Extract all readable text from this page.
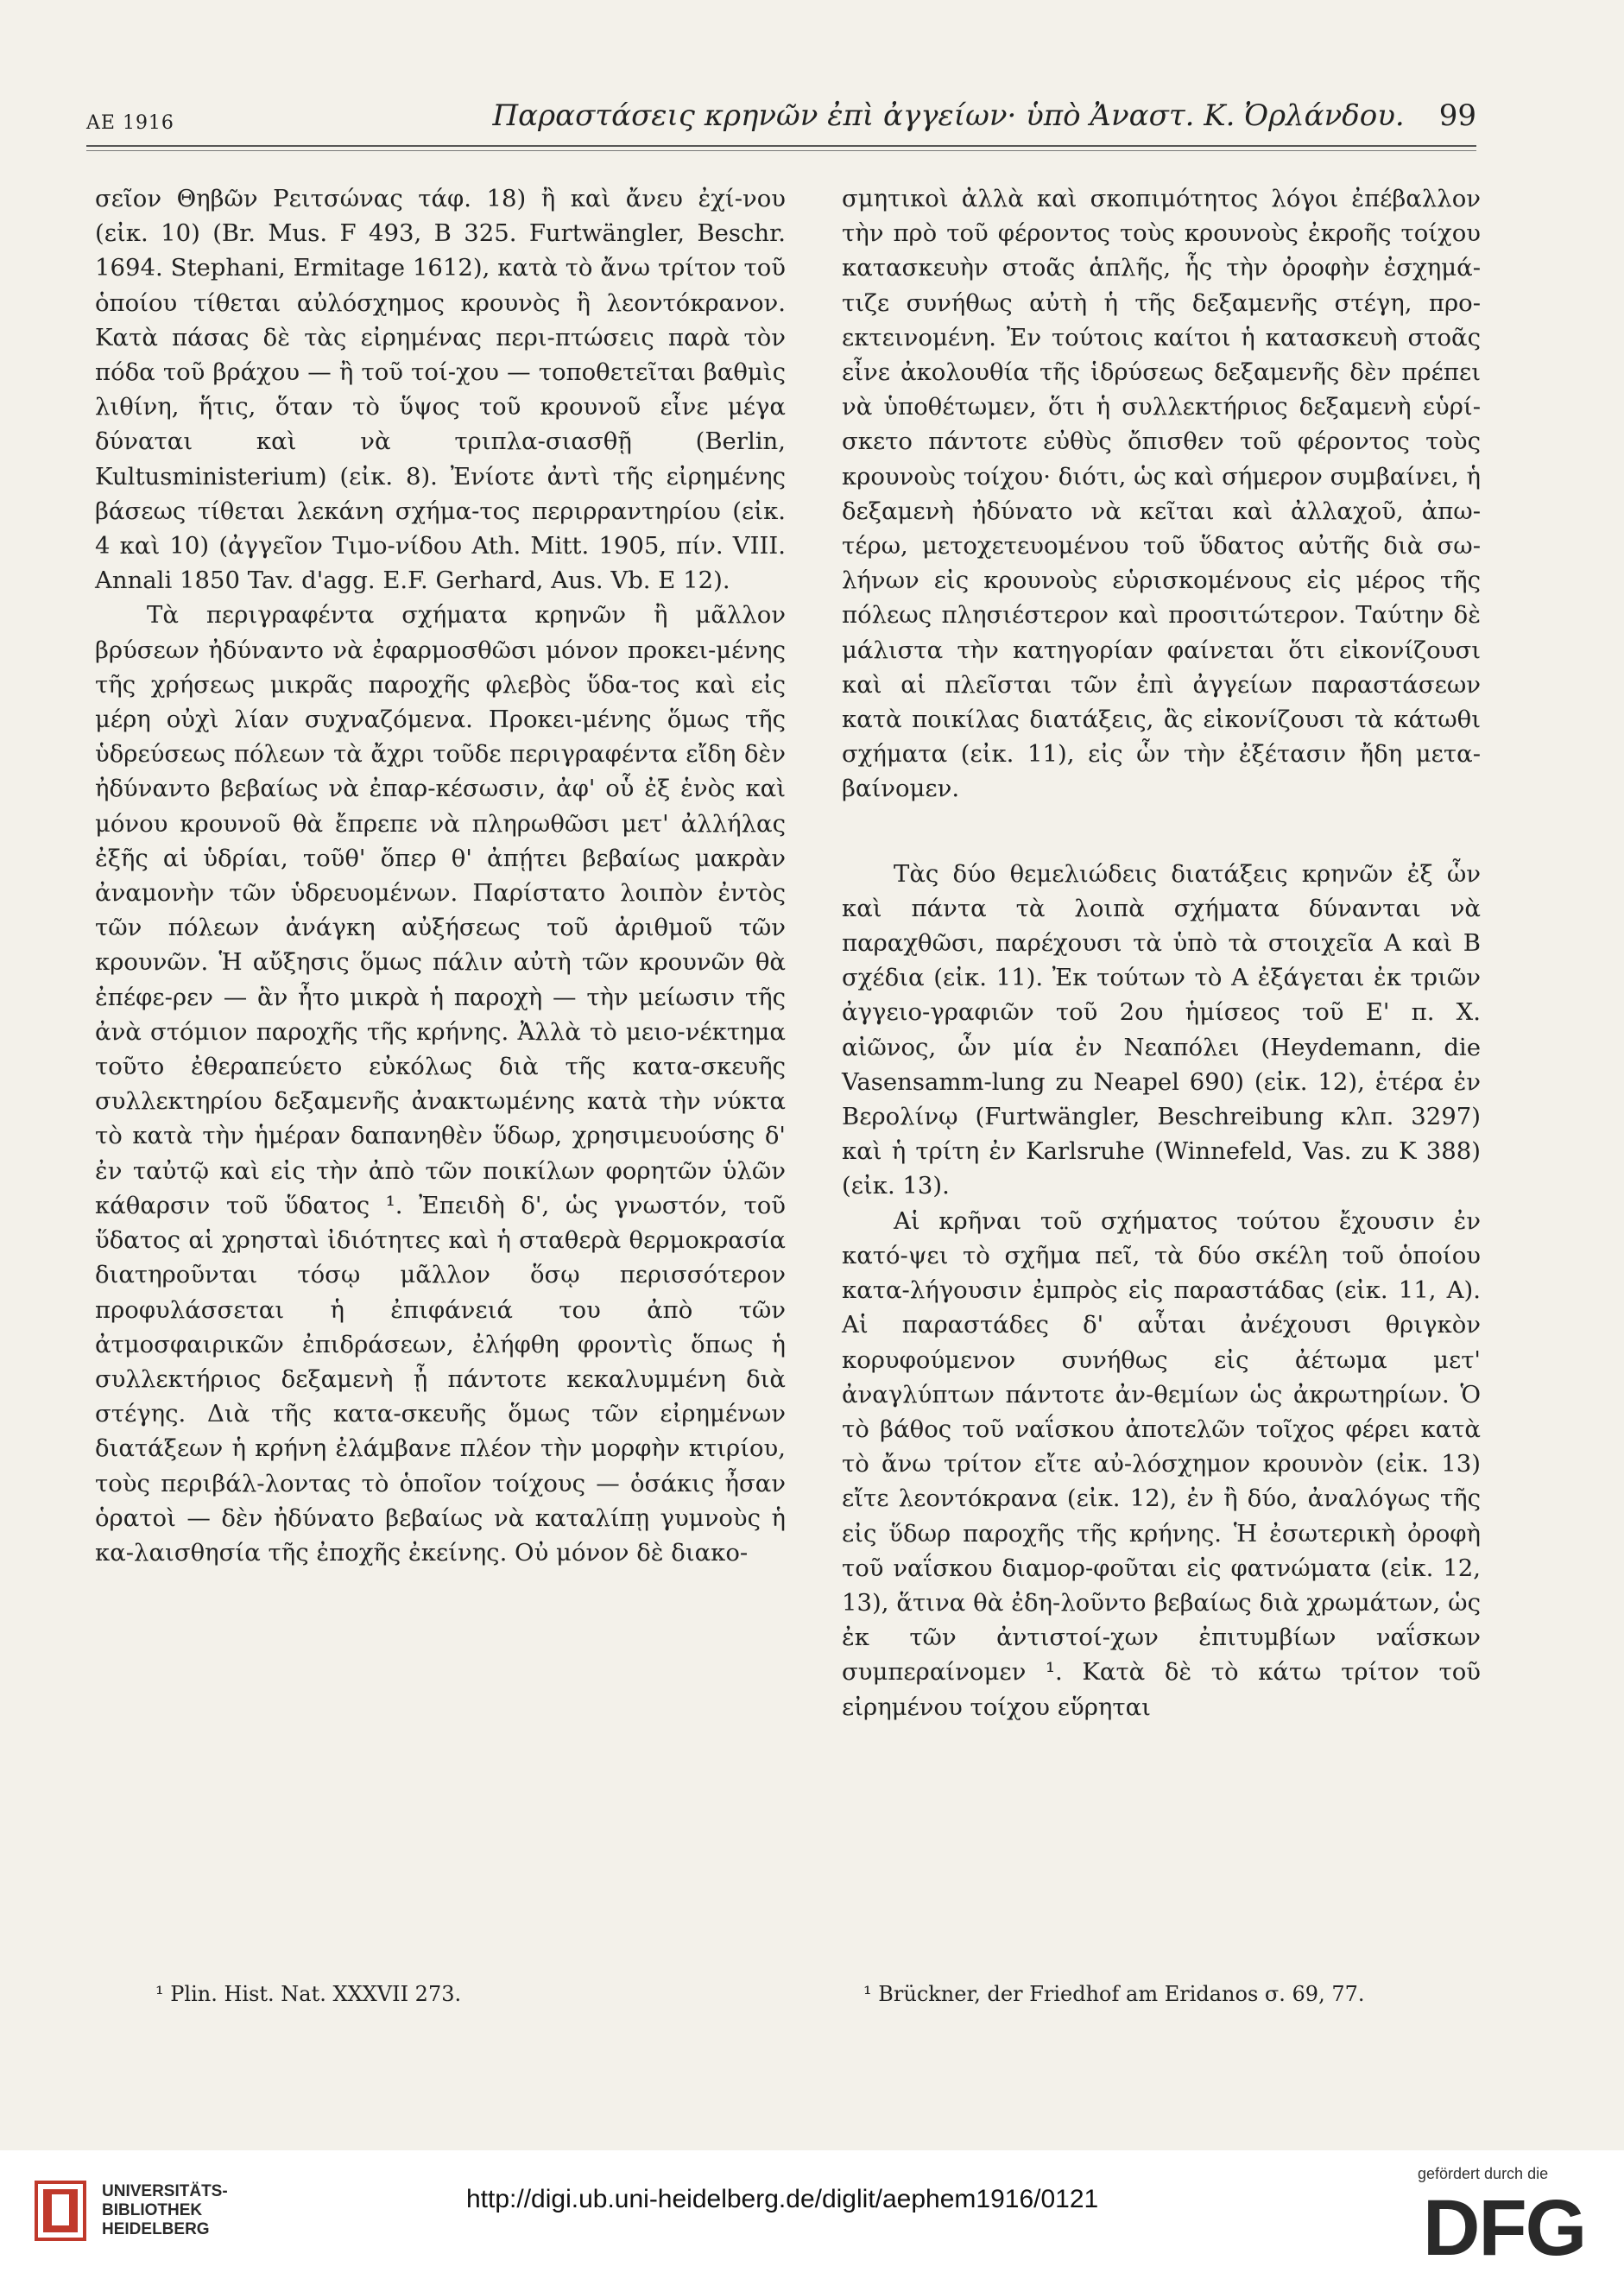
ΑΕ 1916	Παραστάσεις κρηνῶν ἐπὶ ἀγγείων· ὑπὸ Ἀναστ. Κ. Ὀρλάνδου. 99

σεῖον Θηβῶν Ρειτσώνας τάφ. 18) ἢ καὶ ἄνευ ἐχί-νου (εἰκ. 10) (Br. Mus. F 493, B 325. Furtwängler, Beschr. 1694. Stephani, Ermitage 1612), κατὰ τὸ ἄνω τρίτον τοῦ ὁποίου τίθεται αὐλόσχημος κρουνὸς ἢ λεοντόκρανον. Κατὰ πάσας δὲ τὰς εἰρημένας περι-πτώσεις παρὰ τὸν πόδα τοῦ βράχου — ἢ τοῦ τοί-χου — τοποθετεῖται βαθμὶς λιθίνη, ἥτις, ὅταν τὸ ὕψος τοῦ κρουνοῦ εἶνε μέγα δύναται καὶ νὰ τριπλα-σιασθῇ (Berlin, Kultusministerium) (εἰκ. 8). Ἐνίοτε ἀντὶ τῆς εἰρημένης βάσεως τίθεται λεκάνη σχήμα-τος περιρραντηρίου (εἰκ. 4 καὶ 10) (ἀγγεῖον Τιμο-νίδου Ath. Mitt. 1905, πίν. VIII. Annali 1850 Tav. d'agg. E.F. Gerhard, Aus. Vb. E 12).

Τὰ περιγραφέντα σχήματα κρηνῶν ἢ μᾶλλον βρύσεων ἠδύναντο νὰ ἐφαρμοσθῶσι μόνον προκει-μένης τῆς χρήσεως μικρᾶς παροχῆς φλεβὸς ὕδα-τος καὶ εἰς μέρη οὐχὶ λίαν συχναζόμενα. Προκει-μένης ὅμως τῆς ὑδρεύσεως πόλεων τὰ ἄχρι τοῦδε περιγραφέντα εἴδη δὲν ἠδύναντο βεβαίως νὰ ἐπαρ-κέσωσιν, ἀφ' οὗ ἐξ ἑνὸς καὶ μόνου κρουνοῦ θὰ ἔπρεπε νὰ πληρωθῶσι μετ' ἀλλήλας ἐξῆς αἱ ὑδρίαι, τοῦθ' ὅπερ θ' ἀπῄτει βεβαίως μακρὰν ἀναμονὴν τῶν ὑδρευομένων. Παρίστατο λοιπὸν ἐντὸς τῶν πόλεων ἀνάγκη αὐξήσεως τοῦ ἀριθμοῦ τῶν κρουνῶν. Ἡ αὔξησις ὅμως πάλιν αὐτὴ τῶν κρουνῶν θὰ ἐπέφε-ρεν — ἂν ἦτο μικρὰ ἡ παροχὴ — τὴν μείωσιν τῆς ἀνὰ στόμιον παροχῆς τῆς κρήνης. Ἀλλὰ τὸ μειο-νέκτημα τοῦτο ἐθεραπεύετο εὐκόλως διὰ τῆς κατα-σκευῆς συλλεκτηρίου δεξαμενῆς ἀνακτωμένης κατὰ τὴν νύκτα τὸ κατὰ τὴν ἡμέραν δαπανηθὲν ὕδωρ, χρησιμευούσης δ' ἐν ταὐτῷ καὶ εἰς τὴν ἀπὸ τῶν ποικίλων φορητῶν ὑλῶν κάθαρσιν τοῦ ὕδατος ¹. Ἐπειδὴ δ', ὡς γνωστόν, τοῦ ὕδατος αἱ χρησταὶ ἰδιότητες καὶ ἡ σταθερὰ θερμοκρασία διατηροῦνται τόσῳ μᾶλλον ὅσῳ περισσότερον προφυλάσσεται ἡ ἐπιφάνειά του ἀπὸ τῶν ἀτμοσφαιρικῶν ἐπιδράσεων, ἐλήφθη φροντὶς ὅπως ἡ συλλεκτήριος δεξαμενὴ ᾖ πάντοτε κεκαλυμμένη διὰ στέγης. Διὰ τῆς κατα-σκευῆς ὅμως τῶν εἰρημένων διατάξεων ἡ κρήνη ἐλάμβανε πλέον τὴν μορφὴν κτιρίου, τοὺς περιβάλ-λοντας τὸ ὁποῖον τοίχους — ὁσάκις ἦσαν ὁρατοὶ — δὲν ἠδύνατο βεβαίως νὰ καταλίπῃ γυμνοὺς ἡ κα-λαισθησία τῆς ἐποχῆς ἐκείνης. Οὐ μόνον δὲ διακο-

σμητικοὶ ἀλλὰ καὶ σκοπιμότητος λόγοι ἐπέβαλλον τὴν πρὸ τοῦ φέροντος τοὺς κρουνοὺς ἐκροῆς τοίχου κατασκευὴν στοᾶς ἁπλῆς, ἧς τὴν ὀροφὴν ἐσχημά-τιζε συνήθως αὐτὴ ἡ τῆς δεξαμενῆς στέγη, προ-εκτεινομένη. Ἐν τούτοις καίτοι ἡ κατασκευὴ στοᾶς εἶνε ἀκολουθία τῆς ἱδρύσεως δεξαμενῆς δὲν πρέπει νὰ ὑποθέτωμεν, ὅτι ἡ συλλεκτήριος δεξαμενὴ εὑρί-σκετο πάντοτε εὐθὺς ὄπισθεν τοῦ φέροντος τοὺς κρουνοὺς τοίχου· διότι, ὡς καὶ σήμερον συμβαίνει, ἡ δεξαμενὴ ἠδύνατο νὰ κεῖται καὶ ἀλλαχοῦ, ἀπω-τέρω, μετοχετευομένου τοῦ ὕδατος αὐτῆς διὰ σω-λήνων εἰς κρουνοὺς εὑρισκομένους εἰς μέρος τῆς πόλεως πλησιέστερον καὶ προσιτώτερον. Ταύτην δὲ μάλιστα τὴν κατηγορίαν φαίνεται ὅτι εἰκονίζουσι καὶ αἱ πλεῖσται τῶν ἐπὶ ἀγγείων παραστάσεων κατὰ ποικίλας διατάξεις, ἃς εἰκονίζουσι τὰ κάτωθι σχήματα (εἰκ. 11), εἰς ὧν τὴν ἐξέτασιν ἤδη μετα-βαίνομεν.

Τὰς δύο θεμελιώδεις διατάξεις κρηνῶν ἐξ ὧν καὶ πάντα τὰ λοιπὰ σχήματα δύνανται νὰ παραχθῶσι, παρέχουσι τὰ ὑπὸ τὰ στοιχεῖα Α καὶ Β σχέδια (εἰκ. 11). Ἐκ τούτων τὸ Α ἐξάγεται ἐκ τριῶν ἀγγειο-γραφιῶν τοῦ 2ου ἡμίσεος τοῦ Ε' π. Χ. αἰῶνος, ὧν μία ἐν Νεαπόλει (Heydemann, die Vasensamm-lung zu Neapel 690) (εἰκ. 12), ἑτέρα ἐν Βερολίνῳ (Furtwängler, Beschreibung κλπ. 3297) καὶ ἡ τρίτη ἐν Karlsruhe (Winnefeld, Vas. zu K 388) (εἰκ. 13).

Αἱ κρῆναι τοῦ σχήματος τούτου ἔχουσιν ἐν κατό-ψει τὸ σχῆμα πεῖ, τὰ δύο σκέλη τοῦ ὁποίου κατα-λήγουσιν ἐμπρὸς εἰς παραστάδας (εἰκ. 11, Α). Αἱ παραστάδες δ' αὗται ἀνέχουσι θριγκὸν κορυφούμενον συνήθως εἰς ἀέτωμα μετ' ἀναγλύπτων πάντοτε ἀν-θεμίων ὡς ἀκρωτηρίων. Ὁ τὸ βάθος τοῦ ναΐσκου ἀποτελῶν τοῖχος φέρει κατὰ τὸ ἄνω τρίτον εἴτε αὐ-λόσχημον κρουνὸν (εἰκ. 13) εἴτε λεοντόκρανα (εἰκ. 12), ἐν ἢ δύο, ἀναλόγως τῆς εἰς ὕδωρ παροχῆς τῆς κρήνης. Ἡ ἐσωτερικὴ ὀροφὴ τοῦ ναΐσκου διαμορ-φοῦται εἰς φατνώματα (εἰκ. 12, 13), ἅτινα θὰ ἐδη-λοῦντο βεβαίως διὰ χρωμάτων, ὡς ἐκ τῶν ἀντιστοί-χων ἐπιτυμβίων ναΐσκων συμπεραίνομεν ¹. Κατὰ δὲ τὸ κάτω τρίτον τοῦ εἰρημένου τοίχου εὕρηται

¹ Plin. Hist. Nat. XXXVII 273.	¹ Brückner, der Friedhof am Eridanos σ. 69, 77.
UNIVERSITÄTS-
BIBLIOTHEK
HEIDELBERG
http://digi.ub.uni-heidelberg.de/diglit/aephem1916/0121
gefördert durch die
DFG
